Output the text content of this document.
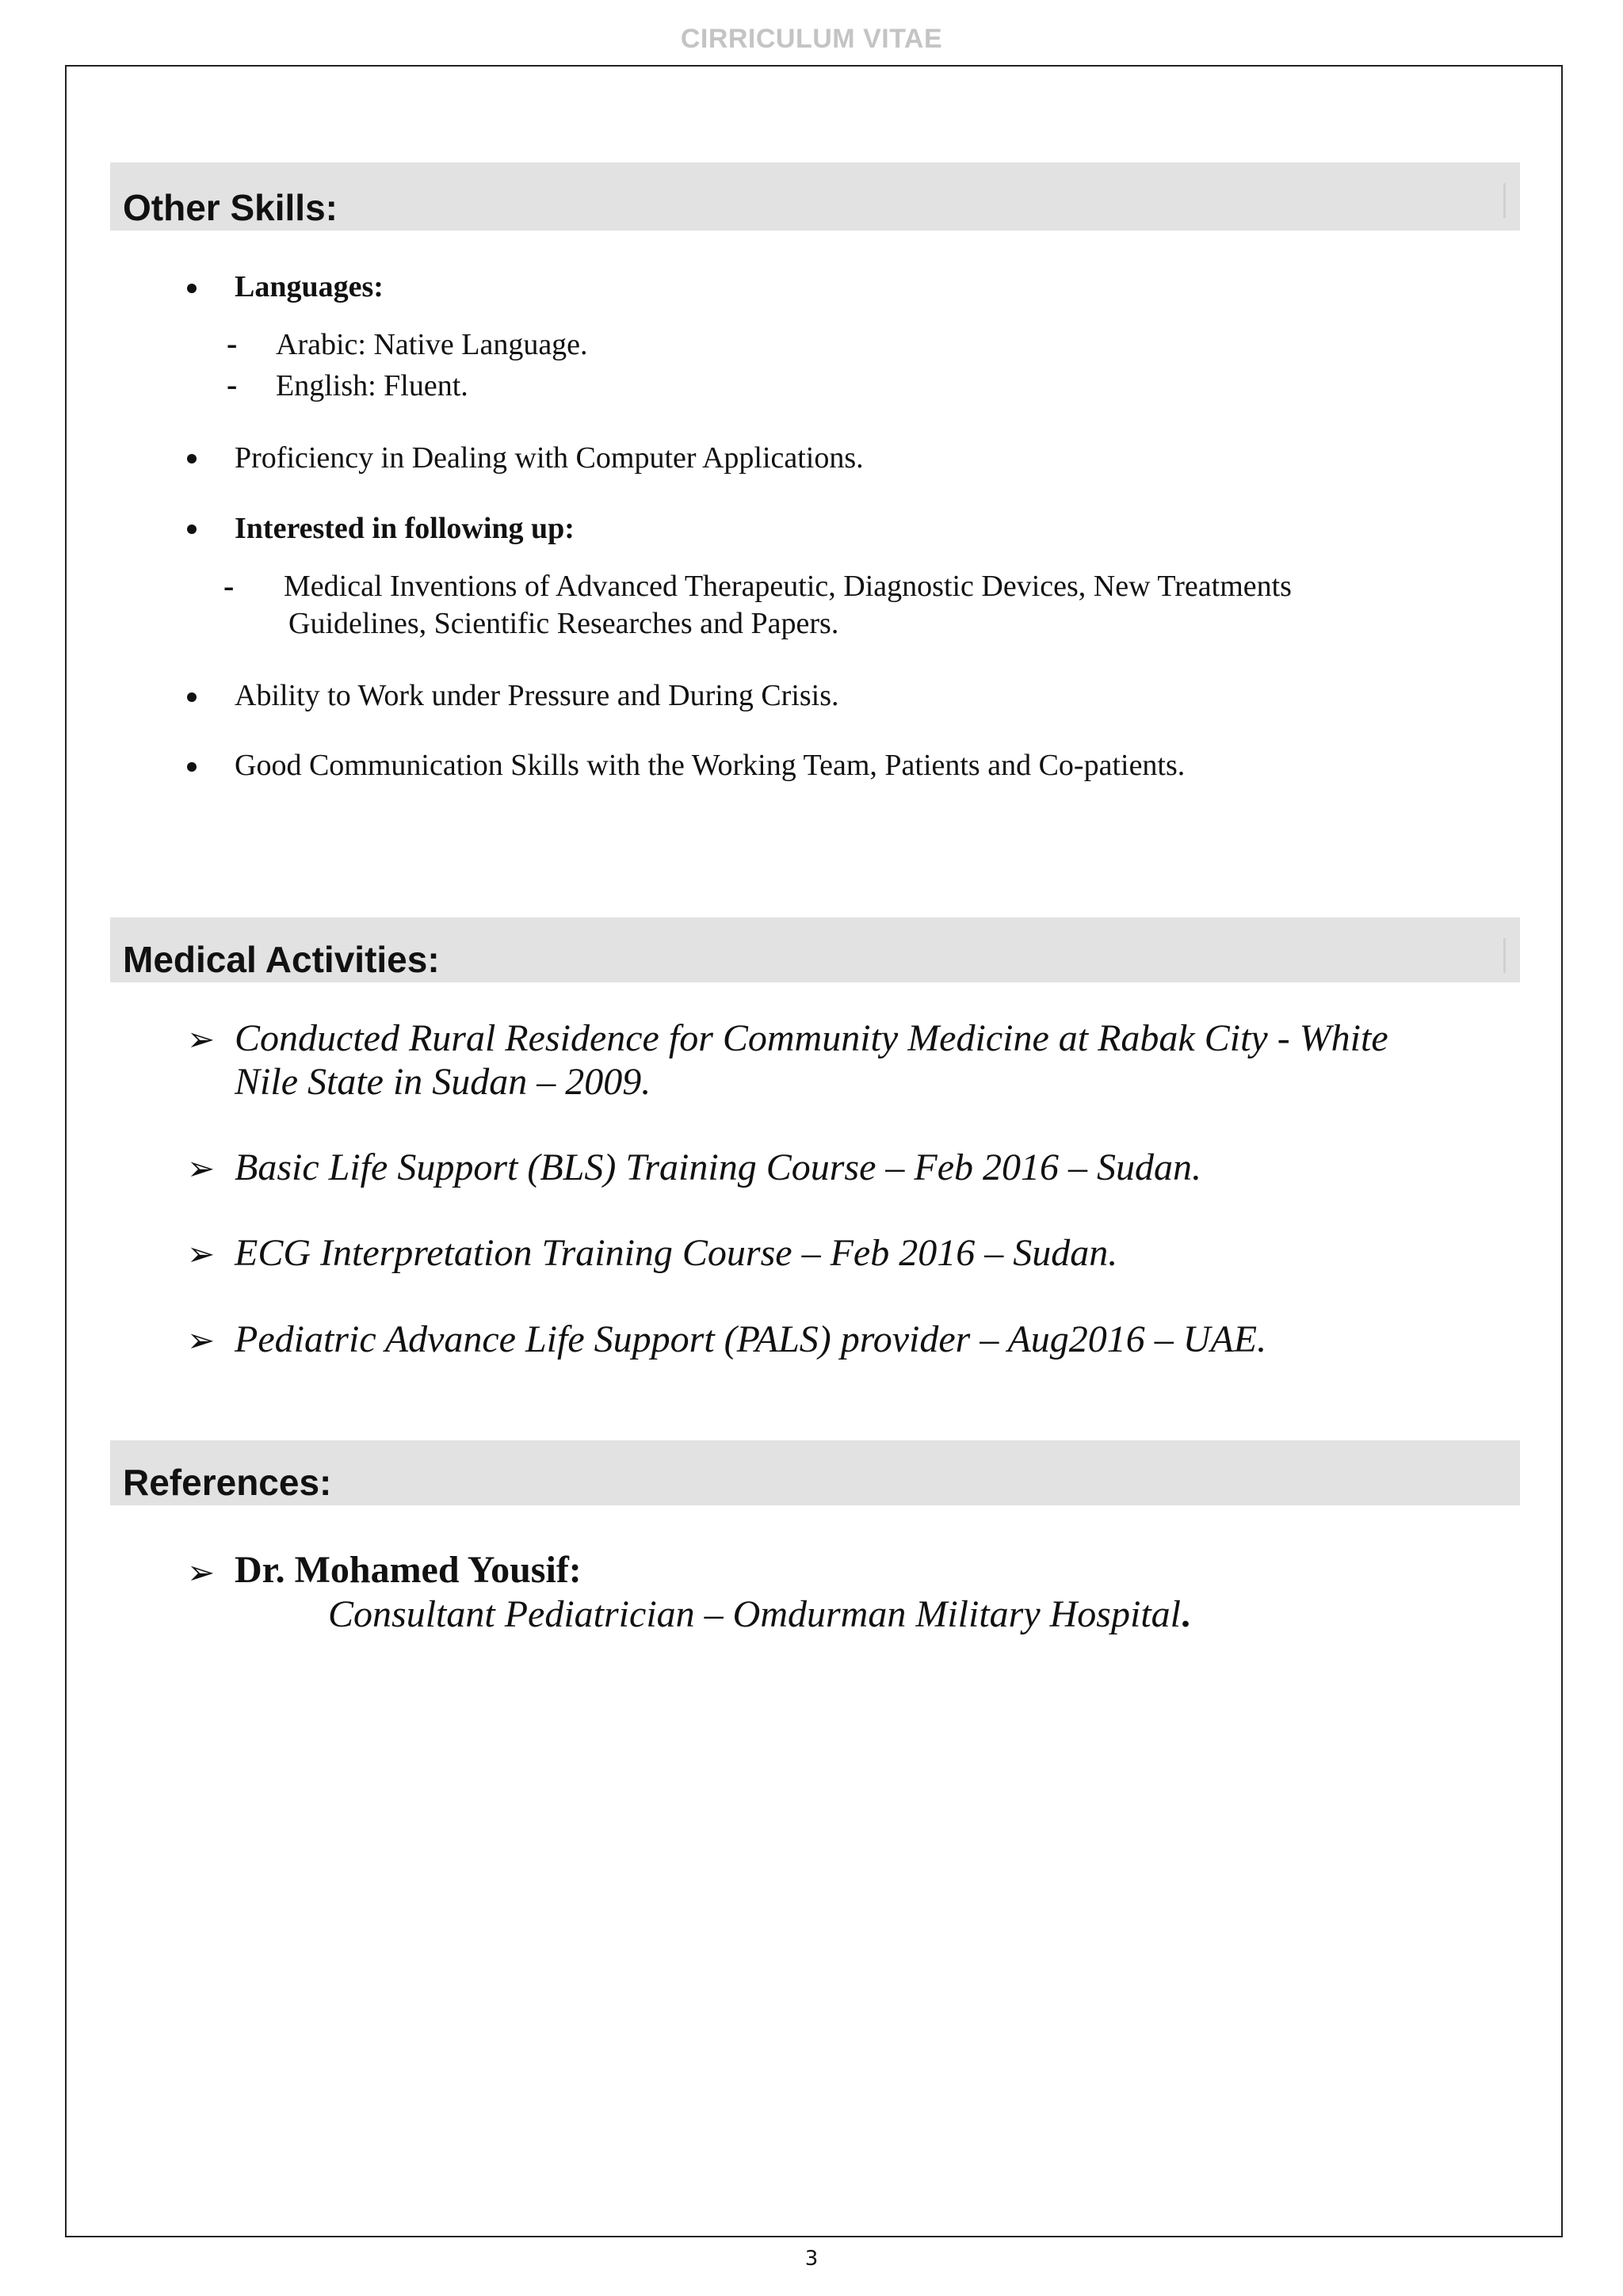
CIRRICULUM VITAE
Other Skills:
Languages:
- Arabic: Native Language.
- English: Fluent.
Proficiency in Dealing with Computer Applications.
Interested in following up:
- Medical Inventions of Advanced Therapeutic, Diagnostic Devices, New Treatments
Guidelines, Scientific Researches and Papers.
Ability to Work under Pressure and During Crisis.
Good Communication Skills with the Working Team, Patients and Co-patients.
Medical Activities:
➢ Conducted Rural Residence for Community Medicine at Rabak City - White
Nile State in Sudan – 2009.
➢ Basic Life Support (BLS) Training Course – Feb 2016 – Sudan.
➢ ECG Interpretation Training Course – Feb 2016 – Sudan.
➢ Pediatric Advance Life Support (PALS) provider – Aug2016 – UAE.
References:
➢ Dr. Mohamed Yousif:
Consultant Pediatrician – Omdurman Military Hospital.
3
